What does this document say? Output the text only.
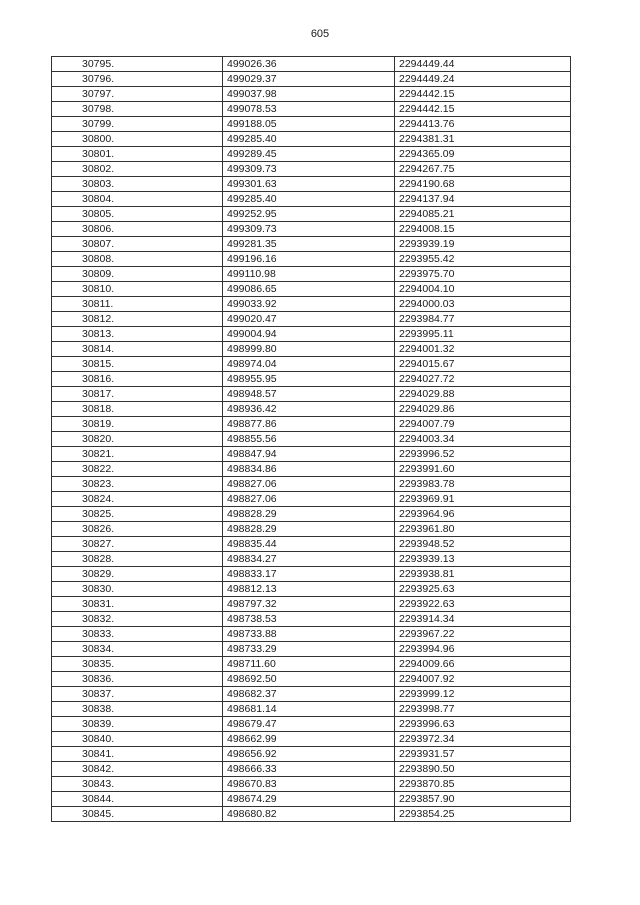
605
30795.	499026.36	2294449.44
30796.	499029.37	2294449.24
30797.	499037.98	2294442.15
30798.	499078.53	2294442.15
30799.	499188.05	2294413.76
30800.	499285.40	2294381.31
30801.	499289.45	2294365.09
30802.	499309.73	2294267.75
30803.	499301.63	2294190.68
30804.	499285.40	2294137.94
30805.	499252.95	2294085.21
30806.	499309.73	2294008.15
30807.	499281.35	2293939.19
30808.	499196.16	2293955.42
30809.	499110.98	2293975.70
30810.	499086.65	2294004.10
30811.	499033.92	2294000.03
30812.	499020.47	2293984.77
30813.	499004.94	2293995.11
30814.	498999.80	2294001.32
30815.	498974.04	2294015.67
30816.	498955.95	2294027.72
30817.	498948.57	2294029.88
30818.	498936.42	2294029.86
30819.	498877.86	2294007.79
30820.	498855.56	2294003.34
30821.	498847.94	2293996.52
30822.	498834.86	2293991.60
30823.	498827.06	2293983.78
30824.	498827.06	2293969.91
30825.	498828.29	2293964.96
30826.	498828.29	2293961.80
30827.	498835.44	2293948.52
30828.	498834.27	2293939.13
30829.	498833.17	2293938.81
30830.	498812.13	2293925.63
30831.	498797.32	2293922.63
30832.	498738.53	2293914.34
30833.	498733.88	2293967.22
30834.	498733.29	2293994.96
30835.	498711.60	2294009.66
30836.	498692.50	2294007.92
30837.	498682.37	2293999.12
30838.	498681.14	2293998.77
30839.	498679.47	2293996.63
30840.	498662.99	2293972.34
30841.	498656.92	2293931.57
30842.	498666.33	2293890.50
30843.	498670.83	2293870.85
30844.	498674.29	2293857.90
30845.	498680.82	2293854.25
